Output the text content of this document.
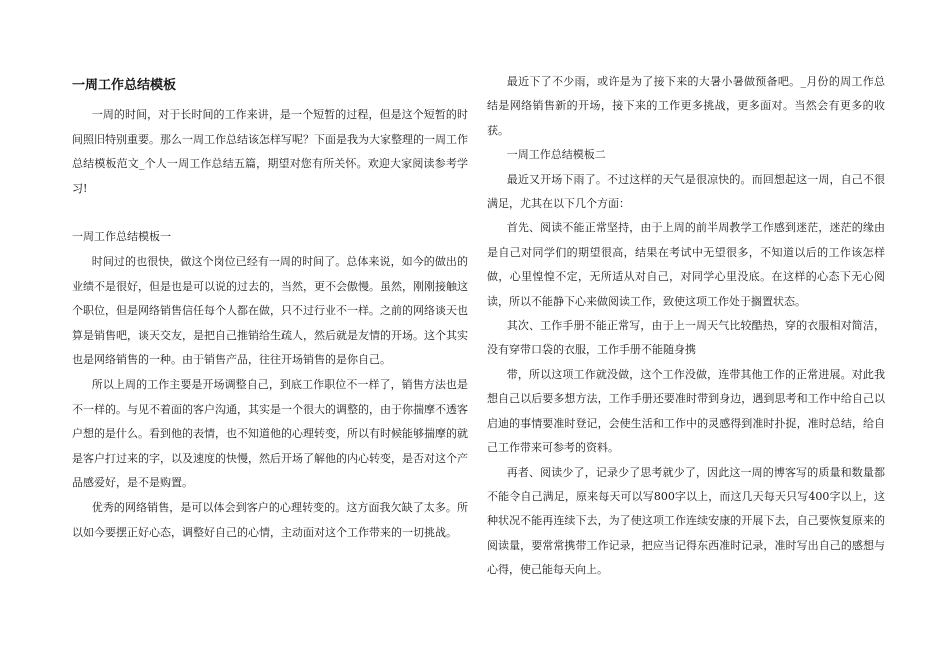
一周工作总结模板

一周的时间，对于长时间的工作来讲，是一个短暂的过程，但是这个短暂的时间照旧特别重要。那么一周工作总结该怎样写呢？下面是我为大家整理的一周工作总结模板范文_个人一周工作总结五篇，期望对您有所关怀。欢迎大家阅读参考学习!

一周工作总结模板一

时间过的也很快，做这个岗位已经有一周的时间了。总体来说，如今的做出的业绩不是很好，但是也是可以说的过去的，当然，更不会傲慢。虽然，刚刚接触这个职位，但是网络销售信任每个人都在做，只不过行业不一样。之前的网络谈天也算是销售吧，谈天交友，是把自己推销给生疏人，然后就是友情的开场。这个其实也是网络销售的一种。由于销售产品，往往开场销售的是你自己。

所以上周的工作主要是开场调整自己，到底工作职位不一样了，销售方法也是不一样的。与见不着面的客户沟通，其实是一个很大的调整的，由于你揣摩不透客户想的是什么。看到他的表情，也不知道他的心理转变，所以有时候能够揣摩的就是客户打过来的字，以及速度的快慢，然后开场了解他的内心转变，是否对这个产品感爱好，是不是购置。

优秀的网络销售，是可以体会到客户的心理转变的。这方面我欠缺了太多。所以如今要摆正好心态，调整好自己的心情，主动面对这个工作带来的一切挑战。

最近下了不少雨，或许是为了接下来的大暑小暑做预备吧。_月份的周工作总结是网络销售新的开场，接下来的工作更多挑战，更多面对。当然会有更多的收获。

一周工作总结模板二

最近又开场下雨了。不过这样的天气是很凉快的。而回想起这一周，自己不很满足，尤其在以下几个方面：

首先、阅读不能正常坚持，由于上周的前半周教学工作感到迷茫，迷茫的缘由是自己对同学们的期望很高，结果在考试中无望很多，不知道以后的工作该怎样做，心里惶惶不定，无所适从对自己，对同学心里没底。在这样的心态下无心阅读，所以不能静下心来做阅读工作，致使这项工作处于搁置状态。

其次、工作手册不能正常写，由于上一周天气比较酷热，穿的衣服相对简洁，没有穿带口袋的衣服，工作手册不能随身携

带，所以这项工作就没做，这个工作没做，连带其他工作的正常进展。对此我想自己以后要多想方法，工作手册还要准时带到身边，遇到思考和工作中给自己以启迪的事情要准时登记，会使生活和工作中的灵感得到准时扑捉，准时总结，给自己工作带来可参考的资料。

再者、阅读少了，记录少了思考就少了，因此这一周的博客写的质量和数量都不能令自己满足，原来每天可以写800字以上，而这几天每天只写400字以上，这种状况不能再连续下去，为了使这项工作连续安康的开展下去，自己要恢复原来的阅读量，要常常携带工作记录，把应当记得东西准时记录，准时写出自己的感想与心得，使己能每天向上。
